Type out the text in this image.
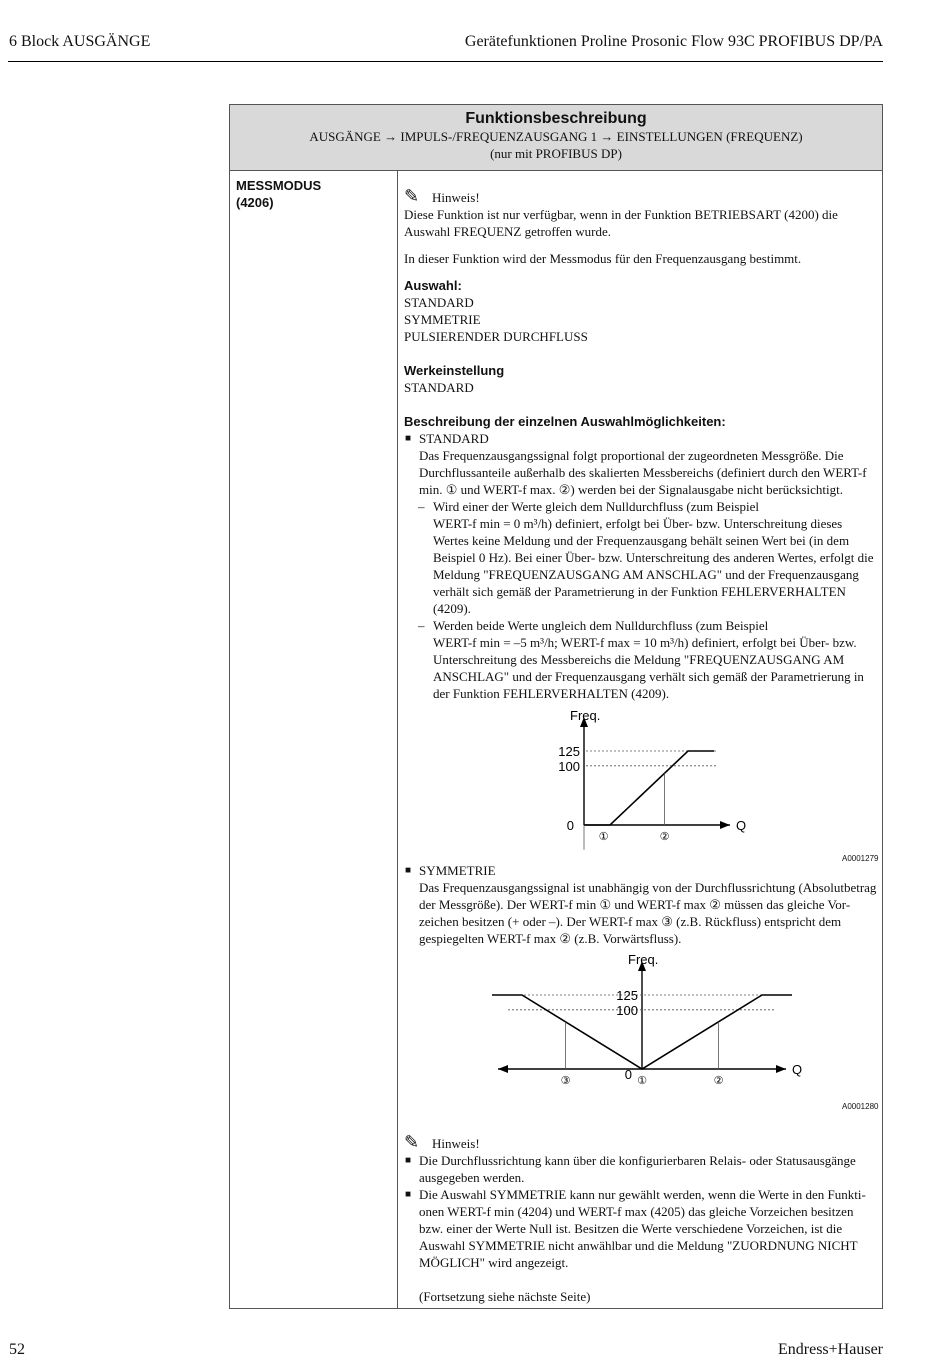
6 Block AUSGÄNGE	Gerätefunktionen Proline Prosonic Flow 93C PROFIBUS DP/PA
Funktionsbeschreibung
AUSGÄNGE → IMPULS-/FREQUENZAUSGANG 1 → EINSTELLUNGEN (FREQUENZ)
(nur mit PROFIBUS DP)
MESSMODUS
(4206)	✎ Hinweis!

Diese Funktion ist nur verfügbar, wenn in der Funktion BETRIEBSART (4200) die

Auswahl FREQUENZ getroffen wurde.

In dieser Funktion wird der Messmodus für den Frequenzausgang bestimmt.

Auswahl:

STANDARD

SYMMETRIE

PULSIERENDER DURCHFLUSS

Werkeinstellung

STANDARD

Beschreibung der einzelnen Auswahlmöglichkeiten:

■ STANDARD

Das Frequenzausgangssignal folgt proportional der zugeordneten Messgröße. Die

Durchflussanteile außerhalb des skalierten Messbereichs (definiert durch den WERT-f

min. ① und WERT-f max. ②) werden bei der Signalausgabe nicht berücksichtigt.

– Wird einer der Werte gleich dem Nulldurchfluss (zum Beispiel

WERT-f min = 0 m³/h) definiert, erfolgt bei Über- bzw. Unterschreitung dieses

Wertes keine Meldung und der Frequenzausgang behält seinen Wert bei (in dem

Beispiel 0 Hz). Bei einer Über- bzw. Unterschreitung des anderen Wertes, erfolgt die

Meldung "FREQUENZAUSGANG AM ANSCHLAG" und der Frequenzausgang

verhält sich gemäß der Parametrierung in der Funktion FEHLERVERHALTEN

(4209).

– Werden beide Werte ungleich dem Nulldurchfluss (zum Beispiel

WERT-f min = –5 m³/h; WERT-f max = 10 m³/h) definiert, erfolgt bei Über- bzw.

Unterschreitung des Messbereichs die Meldung "FREQUENZAUSGANG AM

ANSCHLAG" und der Frequenzausgang verhält sich gemäß der Parametrierung in

der Funktion FEHLERVERHALTEN (4209).

Freq.
Q
0
125
100
①	②
A0001279

■ SYMMETRIE

Das Frequenzausgangssignal ist unabhängig von der Durchflussrichtung (Absolutbetrag

der Messgröße). Der WERT-f min ① und WERT-f max ② müssen das gleiche Vor-

zeichen besitzen (+ oder –). Der WERT-f max ③ (z.B. Rückfluss) entspricht dem

gespiegelten WERT-f max ② (z.B. Vorwärtsfluss).

Freq.
Q
0
125
100
③	①	②
A0001280

✎ Hinweis!

■ Die Durchflussrichtung kann über die konfigurierbaren Relais- oder Statusausgänge

ausgegeben werden.

■ Die Auswahl SYMMETRIE kann nur gewählt werden, wenn die Werte in den Funkti-

onen WERT-f min (4204) und WERT-f max (4205) das gleiche Vorzeichen besitzen

bzw. einer der Werte Null ist. Besitzen die Werte verschiedene Vorzeichen, ist die

Auswahl SYMMETRIE nicht anwählbar und die Meldung "ZUORDNUNG NICHT

MÖGLICH" wird angezeigt.

(Fortsetzung siehe nächste Seite)

52	Endress+Hauser
